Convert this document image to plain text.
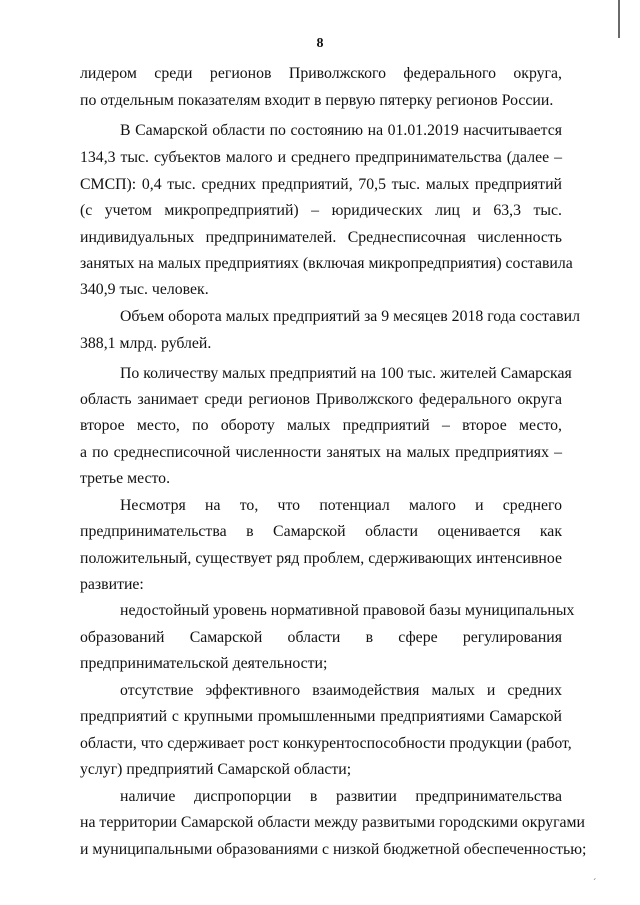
8
лидером среди регионов Приволжского федерального округа,
по отдельным показателям входит в первую пятерку регионов России.
В Самарской области по состоянию на 01.01.2019 насчитывается
134,3 тыс. субъектов малого и среднего предпринимательства (далее –
СМСП): 0,4 тыс. средних предприятий, 70,5 тыс. малых предприятий
(с учетом микропредприятий) – юридических лиц и 63,3 тыс.
индивидуальных предпринимателей. Среднесписочная численность
занятых на малых предприятиях (включая микропредприятия) составила
340,9 тыс. человек.
Объем оборота малых предприятий за 9 месяцев 2018 года составил
388,1 млрд. рублей.
По количеству малых предприятий на 100 тыс. жителей Самарская
область занимает среди регионов Приволжского федерального округа
второе место, по обороту малых предприятий – второе место,
а по среднесписочной численности занятых на малых предприятиях –
третье место.
Несмотря на то, что потенциал малого и среднего
предпринимательства в Самарской области оценивается как
положительный, существует ряд проблем, сдерживающих интенсивное
развитие:
недостойный уровень нормативной правовой базы муниципальных
образований Самарской области в сфере регулирования
предпринимательской деятельности;
отсутствие эффективного взаимодействия малых и средних
предприятий с крупными промышленными предприятиями Самарской
области, что сдерживает рост конкурентоспособности продукции (работ,
услуг) предприятий Самарской области;
наличие диспропорции в развитии предпринимательства
на территории Самарской области между развитыми городскими округами
и муниципальными образованиями с низкой бюджетной обеспеченностью;
´
